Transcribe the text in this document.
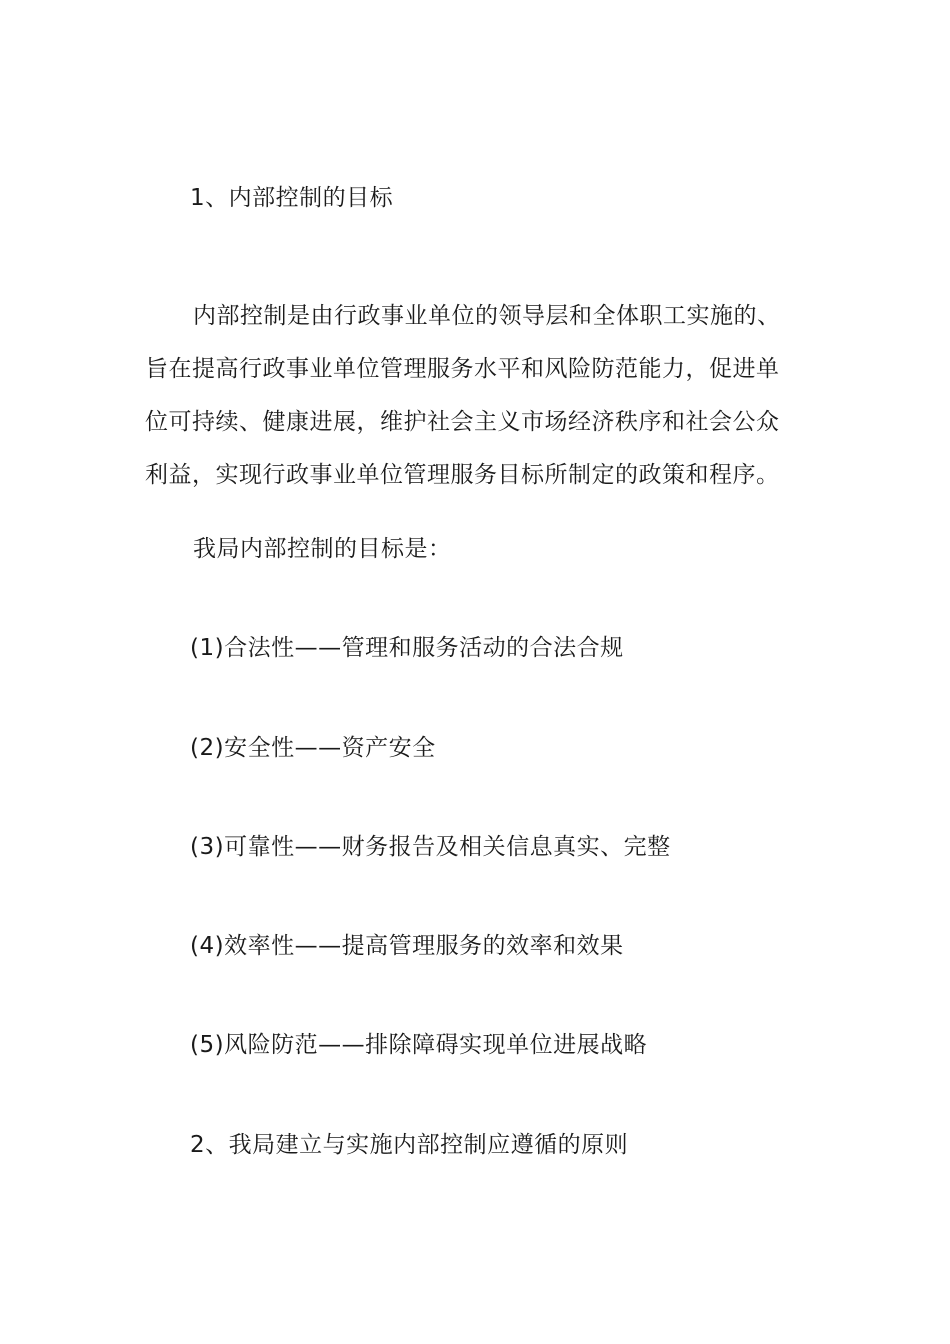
1、内部控制的目标
内部控制是由行政事业单位的领导层和全体职工实施的、
旨在提高行政事业单位管理服务水平和风险防范能力，促进单
位可持续、健康进展，维护社会主义市场经济秩序和社会公众
利益，实现行政事业单位管理服务目标所制定的政策和程序。
我局内部控制的目标是：
(1)合法性——管理和服务活动的合法合规
(2)安全性——资产安全
(3)可靠性——财务报告及相关信息真实、完整
(4)效率性——提高管理服务的效率和效果
(5)风险防范——排除障碍实现单位进展战略
2、我局建立与实施内部控制应遵循的原则
